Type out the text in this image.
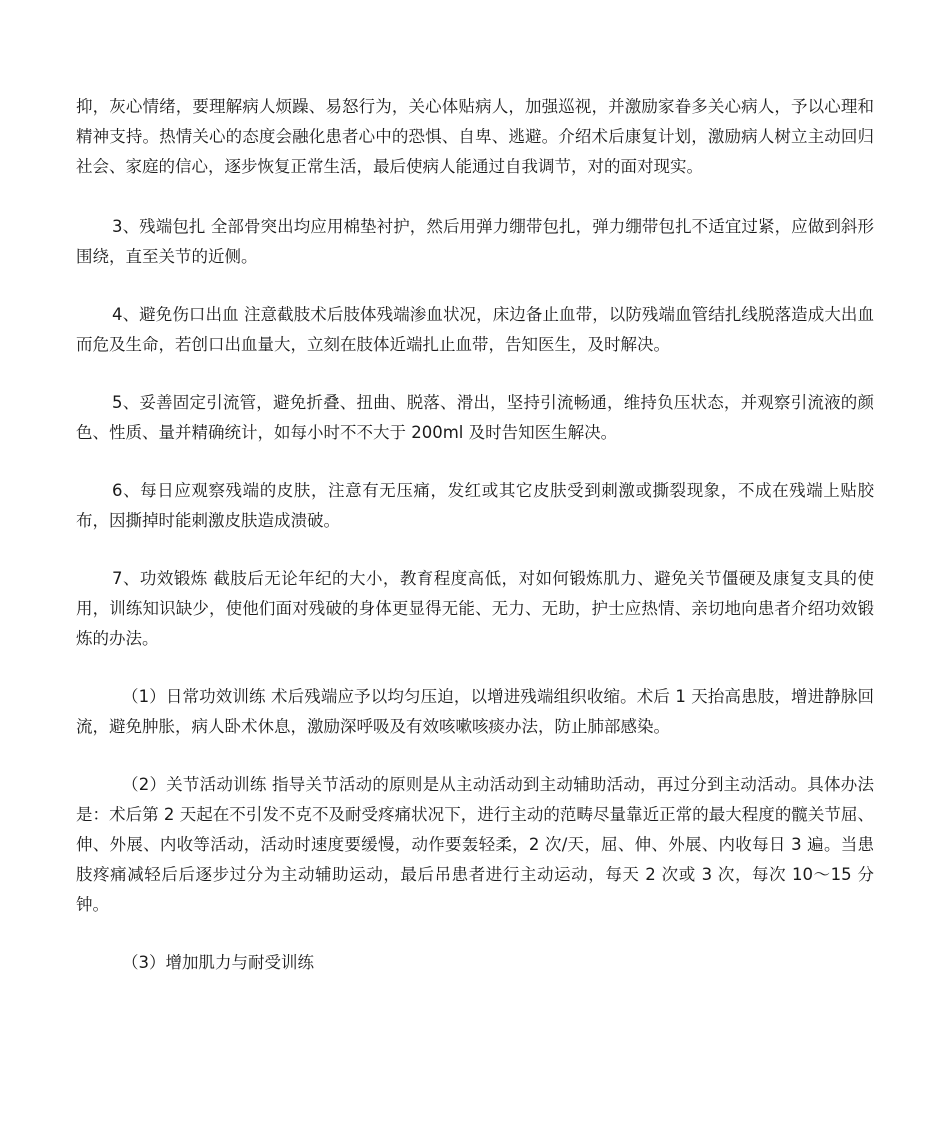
抑，灰心情绪，要理解病人烦躁、易怒行为，关心体贴病人，加强巡视，并激励家眷多关心病人，予以心理和精神支持。热情关心的态度会融化患者心中的恐惧、自卑、逃避。介绍术后康复计划，激励病人树立主动回归社会、家庭的信心，逐步恢复正常生活，最后使病人能通过自我调节，对的面对现实。

3、残端包扎 全部骨突出均应用棉垫衬护，然后用弹力绷带包扎，弹力绷带包扎不适宜过紧，应做到斜形围绕，直至关节的近侧。

4、避免伤口出血 注意截肢术后肢体残端渗血状况，床边备止血带，以防残端血管结扎线脱落造成大出血而危及生命，若创口出血量大，立刻在肢体近端扎止血带，告知医生，及时解决。

5、妥善固定引流管，避免折叠、扭曲、脱落、滑出，坚持引流畅通，维持负压状态，并观察引流液的颜色、性质、量并精确统计，如每小时不不大于 200ml 及时告知医生解决。

6、每日应观察残端的皮肤，注意有无压痛，发红或其它皮肤受到刺激或撕裂现象，不成在残端上贴胶布，因撕掉时能刺激皮肤造成溃破。

7、功效锻炼 截肢后无论年纪的大小，教育程度高低，对如何锻炼肌力、避免关节僵硬及康复支具的使用，训练知识缺少，使他们面对残破的身体更显得无能、无力、无助，护士应热情、亲切地向患者介绍功效锻炼的办法。

（1）日常功效训练 术后残端应予以均匀压迫，以增进残端组织收缩。术后 1 天抬高患肢，增进静脉回流，避免肿胀，病人卧术休息，激励深呼吸及有效咳嗽咳痰办法，防止肺部感染。

（2）关节活动训练 指导关节活动的原则是从主动活动到主动辅助活动，再过分到主动活动。具体办法是：术后第 2 天起在不引发不克不及耐受疼痛状况下，进行主动的范畴尽量靠近正常的最大程度的髋关节屈、伸、外展、内收等活动，活动时速度要缓慢，动作要轰轻柔，2 次/天，屈、伸、外展、内收每日 3 遍。当患肢疼痛减轻后后逐步过分为主动辅助运动，最后吊患者进行主动运动，每天 2 次或 3 次，每次 10～15 分钟。

（3）增加肌力与耐受训练
